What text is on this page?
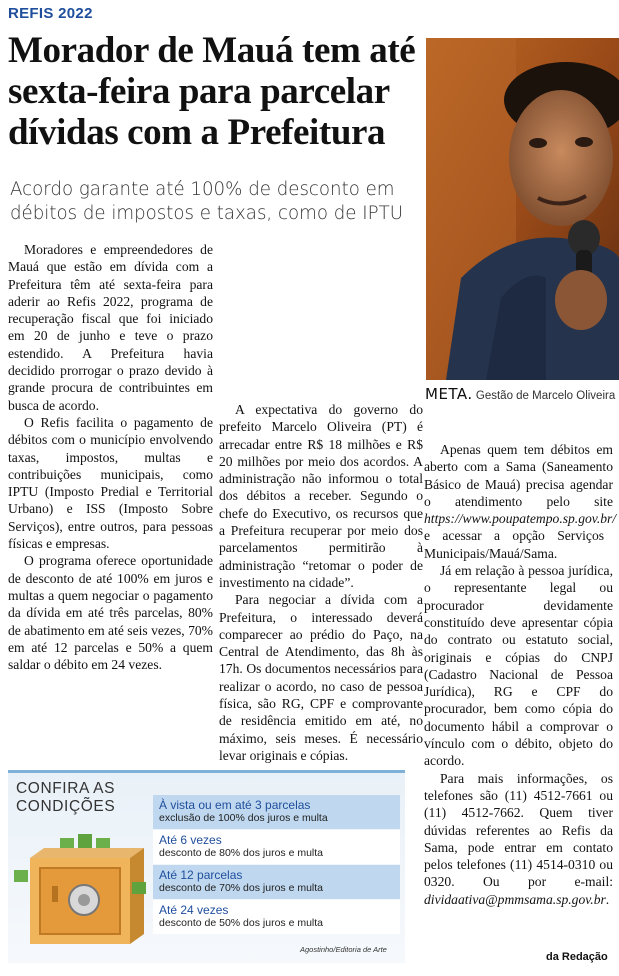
REFIS 2022
Morador de Mauá tem até sexta-feira para parcelar dívidas com a Prefeitura
Acordo garante até 100% de desconto em débitos de impostos e taxas, como de IPTU
META. Gestão de Marcelo Oliveira

Moradores e empreendedores de Mauá que estão em dívida com a Prefeitura têm até sexta-feira para aderir ao Refis 2022, programa de recuperação fiscal que foi iniciado em 20 de junho e teve o prazo estendido. A Prefeitura havia decidido prorrogar o prazo devido à grande procura de contribuintes em busca de acordo.

O Refis facilita o pagamento de débitos com o município envolvendo taxas, impostos, multas e contribuições municipais, como IPTU (Imposto Predial e Territorial Urbano) e ISS (Imposto Sobre Serviços), entre outros, para pessoas físicas e empresas.

O programa oferece oportunidade de desconto de até 100% em juros e multas a quem negociar o pagamento da dívida em até três parcelas, 80% de abatimento em até seis vezes, 70% em até 12 parcelas e 50% a quem saldar o débito em 24 vezes.

A expectativa do governo do prefeito Marcelo Oliveira (PT) é arrecadar entre R$ 18 milhões e R$ 20 milhões por meio dos acordos. A administração não informou o total dos débitos a receber. Segundo o chefe do Executivo, os recursos que a Prefeitura recuperar por meio dos parcelamentos permitirão à administração “retomar o poder de investimento na cidade”.

Para negociar a dívida com a Prefeitura, o interessado deverá comparecer ao prédio do Paço, na Central de Atendimento, das 8h às 17h. Os documentos necessários para realizar o acordo, no caso de pessoa física, são RG, CPF e comprovante de residência emitido em até, no máximo, seis meses. É necessário levar originais e cópias.

Apenas quem tem débitos em aberto com a Sama (Saneamento Básico de Mauá) precisa agendar o atendimento pelo site https://www.poupatempo.sp.gov.br/ e acessar a opção Serviços Municipais/Mauá/Sama.

Já em relação à pessoa jurídica, o representante legal ou procurador devidamente constituído deve apresentar cópia do contrato ou estatuto social, originais e cópias do CNPJ (Cadastro Nacional de Pessoa Jurídica), RG e CPF do procurador, bem como cópia do documento hábil a comprovar o vínculo com o débito, objeto do acordo.

Para mais informações, os telefones são (11) 4512-7661 ou (11) 4512-7662. Quem tiver dúvidas referentes ao Refis da Sama, pode entrar em contato pelos telefones (11) 4514-0310 ou 0320. Ou por e-mail: dividaativa@pmmsama.sp.gov.br.

CONFIRA AS
CONDIÇÕES	À vista ou em até 3 parcelas
exclusão de 100% dos juros e multa
Até 6 vezes
desconto de 80% dos juros e multa
Até 12 parcelas
desconto de 70% dos juros e multa
Até 24 vezes
desconto de 50% dos juros e multa
Agostinho/Editoria de Arte
da Redação
